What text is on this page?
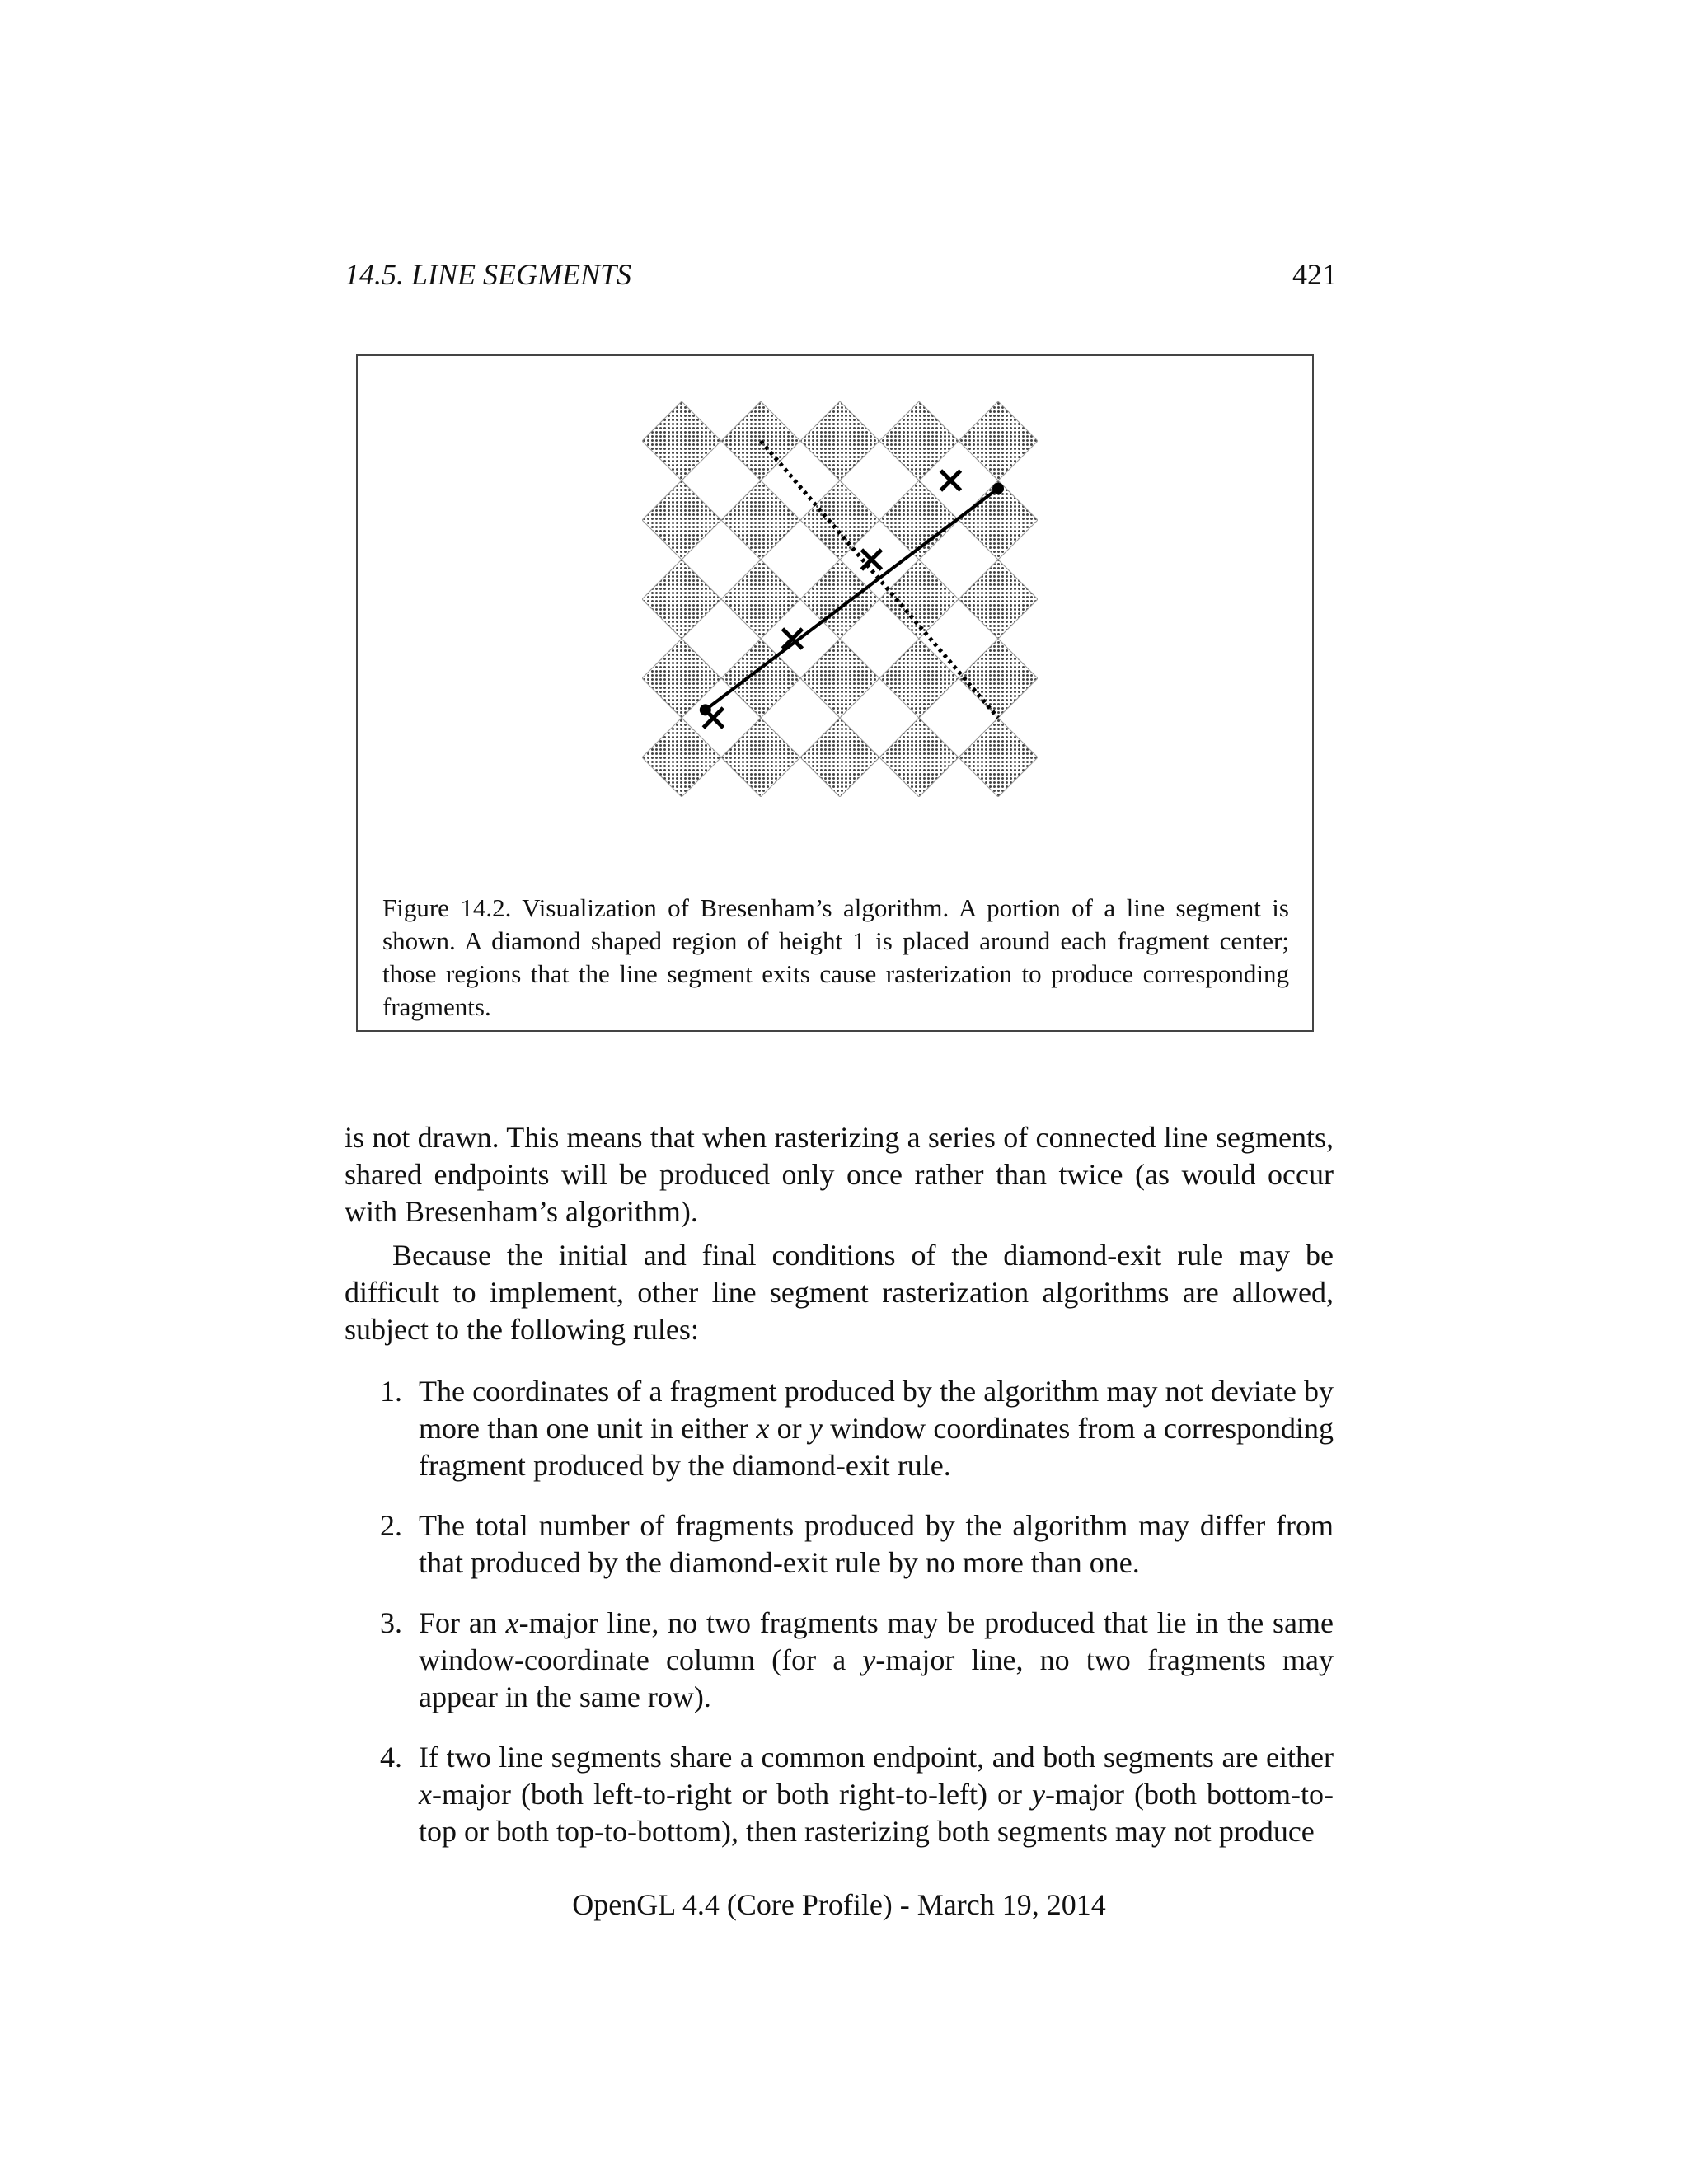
14.5. LINE SEGMENTS	421
Figure 14.2. Visualization of Bresenham’s algorithm. A portion of a line segment is shown. A diamond shaped region of height 1 is placed around each fragment center; those regions that the line segment exits cause rasterization to produce corresponding fragments.

is not drawn. This means that when rasterizing a series of connected line segments, shared endpoints will be produced only once rather than twice (as would occur with Bresenham’s algorithm).

Because the initial and final conditions of the diamond-exit rule may be difficult to implement, other line segment rasterization algorithms are allowed, subject to the following rules:

1. The coordinates of a fragment produced by the algorithm may not deviate by more than one unit in either x or y window coordinates from a corresponding fragment produced by the diamond-exit rule.
2. The total number of fragments produced by the algorithm may differ from that produced by the diamond-exit rule by no more than one.
3. For an x-major line, no two fragments may be produced that lie in the same window-coordinate column (for a y-major line, no two fragments may appear in the same row).
4. If two line segments share a common endpoint, and both segments are either x-major (both left-to-right or both right-to-left) or y-major (both bottom-to-top or both top-to-bottom), then rasterizing both segments may not produce
OpenGL 4.4 (Core Profile) - March 19, 2014
